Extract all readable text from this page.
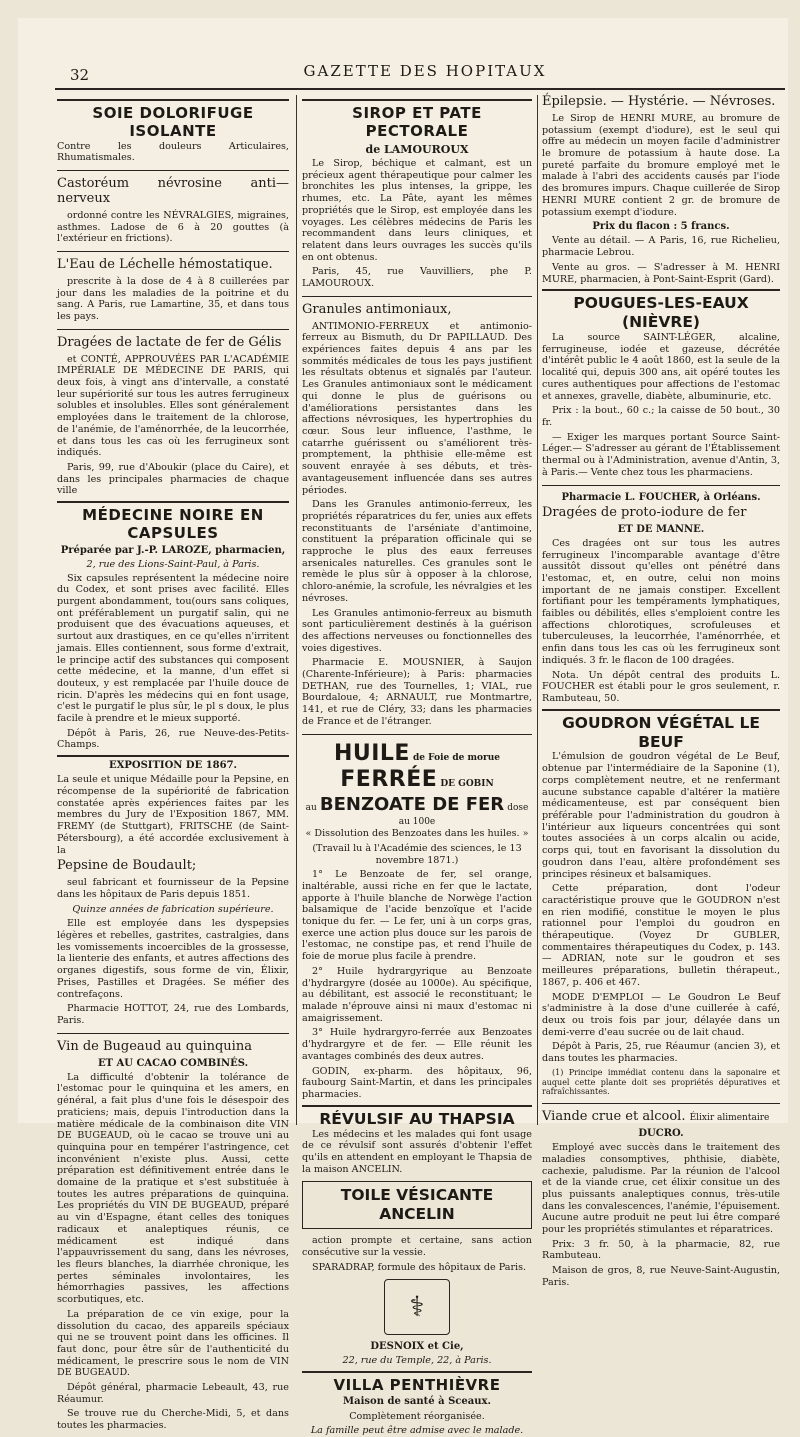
32	GAZETTE DES HOPITAUX
SOIE DOLORIFUGE ISOLANTE

Contre les douleurs Articulaires, Rhumatismales.

Castoréum névrosine anti—nerveux

ordonné contre les NÉVRALGIES, migraines, asthmes. Ladose de 6 à 20 gouttes (à l'extérieur en frictions).

L'Eau de Léchelle hémostatique.

prescrite à la dose de 4 à 8 cuillerées par jour dans les maladies de la poitrine et du sang. A Paris, rue Lamartine, 35, et dans tous les pays.

Dragées de lactate de fer de Gélis

et CONTÉ, APPROUVÉES PAR L'ACADÉMIE IMPÉRIALE DE MÉDECINE DE PARIS, qui deux fois, à vingt ans d'intervalle, a constaté leur supériorité sur tous les autres ferrugineux solubles et insolubles. Elles sont généralement employées dans le traitement de la chlorose, de l'anémie, de l'aménorrhée, de la leucorrhée, et dans tous les cas où les ferrugineux sont indiqués.

Paris, 99, rue d'Aboukir (place du Caire), et dans les principales pharmacies de chaque ville

MÉDECINE NOIRE EN CAPSULES
Préparée par J.-P. LAROZE, pharmacien,
2, rue des Lions-Saint-Paul, à Paris.

Six capsules représentent la médecine noire du Codex, et sont prises avec facilité. Elles purgent abondamment, tou(ours sans coliques, ont préférablement un purgatif salin, qui ne produisent que des évacuations aqueuses, et surtout aux drastiques, en ce qu'elles n'irritent jamais. Elles contiennent, sous forme d'extrait, le principe actif des substances qui composent cette médecine, et la manne, d'un effet si douteux, y est remplacée par l'huile douce de ricin. D'après les médecins qui en font usage, c'est le purgatif le plus sûr, le pl s doux, le plus facile à prendre et le mieux supporté.

Dépôt à Paris, 26, rue Neuve-des-Petits-Champs.

EXPOSITION DE 1867.

La seule et unique Médaille pour la Pepsine, en récompense de la supériorité de fabrication constatée après expériences faites par les membres du Jury de l'Exposition 1867, MM. FREMY (de Stuttgart), FRITSCHE (de Saint-Pétersbourg), a été accordée exclusivement à la

Pepsine de Boudault;

seul fabricant et fournisseur de la Pepsine dans les hôpitaux de Paris depuis 1851.

Quinze années de fabrication supérieure.

Elle est employée dans les dyspepsies légères et rebelles, gastrites, castralgies, dans les vomissements incoercibles de la grossesse, la lienterie des enfants, et autres affections des organes digestifs, sous forme de vin, Élixir, Prises, Pastilles et Dragées. Se méfier des contrefaçons.

Pharmacie HOTTOT, 24, rue des Lombards, Paris.

Vin de Bugeaud au quinquina

ET AU CACAO COMBINÉS.

La difficulté d'obtenir la tolérance de l'estomac pour le quinquina et les amers, en général, a fait plus d'une fois le désespoir des praticiens; mais, depuis l'introduction dans la matière médicale de la combinaison dite VIN DE BUGEAUD, où le cacao se trouve uni au quinquina pour en tempérer l'astringence, cet inconvénient n'existe plus. Aussi, cette préparation est définitivement entrée dans le domaine de la pratique et s'est substituée à toutes les autres préparations de quinquina. Les propriétés du VIN DE BUGEAUD, préparé au vin d'Espagne, étant celles des toniques radicaux et analeptiques réunis, ce médicament est indiqué dans l'appauvrissement du sang, dans les névroses, les fleurs blanches, la diarrhée chronique, les pertes séminales involontaires, les hémorrhagies passives, les affections scorbutiques, etc.

La préparation de ce vin exige, pour la dissolution du cacao, des appareils spéciaux qui ne se trouvent point dans les officines. Il faut donc, pour être sûr de l'authenticité du médicament, le prescrire sous le nom de VIN DE BUGEAUD.

Dépôt général, pharmacie Lebeault, 43, rue Réaumur.

Se trouve rue du Cherche-Midi, 5, et dans toutes les pharmacies.

SIROP ET PATE PECTORALE
de LAMOUROUX

Le Sirop, béchique et calmant, est un précieux agent thérapeutique pour calmer les bronchites les plus intenses, la grippe, les rhumes, etc. La Pâte, ayant les mêmes propriétés que le Sirop, est employée dans les voyages. Les célèbres médecins de Paris les recommandent dans leurs cliniques, et relatent dans leurs ouvrages les succès qu'ils en ont obtenus.

Paris, 45, rue Vauvilliers, phe P. LAMOUROUX.

Granules antimoniaux,

ANTIMONIO-FERREUX et antimonio-ferreux au Bismuth, du Dr PAPILLAUD. Des expériences faites depuis 4 ans par les sommités médicales de tous les pays justifient les résultats obtenus et signalés par l'auteur. Les Granules antimoniaux sont le médicament qui donne le plus de guérisons ou d'améliorations persistantes dans les affections névrosiques, les hypertrophies du cœur. Sous leur influence, l'asthme, le catarrhe guérissent ou s'améliorent très-promptement, la phthisie elle-même est souvent enrayée à ses débuts, et très-avantageusement influencée dans ses autres périodes.

Dans les Granules antimonio-ferreux, les propriétés réparatrices du fer, unies aux effets reconstituants de l'arséniate d'antimoine, constituent la préparation officinale qui se rapproche le plus des eaux ferreuses arsenicales naturelles. Ces granules sont le remède le plus sûr à opposer à la chlorose, chloro-anémie, la scrofule, les névralgies et les névroses.

Les Granules antimonio-ferreux au bismuth sont particulièrement destinés à la guérison des affections nerveuses ou fonctionnelles des voies digestives.

Pharmacie E. MOUSNIER, à Saujon (Charente-Inférieure); à Paris: pharmacies DETHAN, rue des Tournelles, 1; VIAL, rue Bourdaloue, 4; ARNAULT, rue Montmartre, 141, et rue de Cléry, 33; dans les pharmacies de France et de l'étranger.

HUILE de Foie de morue FERRÉE DE GOBIN
au BENZOATE DE FER dose au 100e

« Dissolution des Benzoates dans les huiles. »

(Travail lu à l'Académie des sciences, le 13 novembre 1871.)

1° Le Benzoate de fer, sel orange, inaltérable, aussi riche en fer que le lactate, apporte à l'huile blanche de Norwège l'action balsamique de l'acide benzoïque et l'acide tonique du fer. — Le fer, uni à un corps gras, exerce une action plus douce sur les parois de l'estomac, ne constipe pas, et rend l'huile de foie de morue plus facile à prendre.

2° Huile hydrargyrique au Benzoate d'hydrargyre (dosée au 1000e). Au spécifique, au débilitant, est associé le reconstituant; le malade n'éprouve ainsi ni maux d'estomac ni amaigrissement.

3° Huile hydrargyro-ferrée aux Benzoates d'hydrargyre et de fer. — Elle réunit les avantages combinés des deux autres.

GODIN, ex-pharm. des hôpitaux, 96, faubourg Saint-Martin, et dans les principales pharmacies.

RÉVULSIF AU THAPSIA

Les médecins et les malades qui font usage de ce révulsif sont assurés d'obtenir l'effet qu'ils en attendent en employant le Thapsia de la maison ANCELIN.

TOILE VÉSICANTE ANCELIN

action prompte et certaine, sans action consécutive sur la vessie.

SPARADRAP, formule des hôpitaux de Paris.

⚕
DESNOIX et Cie,
22, rue du Temple, 22, à Paris.
VILLA PENTHIÈVRE
Maison de santé à Sceaux.

Complètement réorganisée.

La famille peut être admise avec le malade.

Épilepsie. — Hystérie. — Névroses.

Le Sirop de HENRI MURE, au bromure de potassium (exempt d'iodure), est le seul qui offre au médecin un moyen facile d'administrer le bromure de potassium à haute dose. La pureté parfaite du bromure employé met le malade à l'abri des accidents causés par l'iode des bromures impurs. Chaque cuillerée de Sirop HENRI MURE contient 2 gr. de bromure de potassium exempt d'iodure.

Prix du flacon : 5 francs.

Vente au détail. — A Paris, 16, rue Richelieu, pharmacie Lebrou.

Vente au gros. — S'adresser à M. HENRI MURE, pharmacien, à Pont-Saint-Esprit (Gard).

POUGUES-LES-EAUX (NIÈVRE)

La source SAINT-LÉGER, alcaline, ferrugineuse, iodée et gazeuse, décrétée d'intérêt public le 4 août 1860, est la seule de la localité qui, depuis 300 ans, ait opéré toutes les cures authentiques pour affections de l'estomac et annexes, gravelle, diabète, albuminurie, etc.

Prix : la bout., 60 c.; la caisse de 50 bout., 30 fr.

— Exiger les marques portant Source Saint-Léger.— S'adresser au gérant de l'Établissement thermal ou à l'Administration, avenue d'Antin, 3, à Paris.— Vente chez tous les pharmaciens.

Pharmacie L. FOUCHER, à Orléans.

Dragées de proto-iodure de fer

ET DE MANNE.

Ces dragées ont sur tous les autres ferrugineux l'incomparable avantage d'être aussitôt dissout qu'elles ont pénétré dans l'estomac, et, en outre, celui non moins important de ne jamais constiper. Excellent fortifiant pour les tempéraments lymphatiques, faibles ou débilités, elles s'emploient contre les affections chlorotiques, scrofuleuses et tuberculeuses, la leucorrhée, l'aménorrhée, et enfin dans tous les cas où les ferrugineux sont indiqués. 3 fr. le flacon de 100 dragées.

Nota. Un dépôt central des produits L. FOUCHER est établi pour le gros seulement, r. Rambuteau, 50.

GOUDRON VÉGÉTAL LE BEUF

L'émulsion de goudron végétal de Le Beuf, obtenue par l'intermédiaire de la Saponine (1), corps complètement neutre, et ne renfermant aucune substance capable d'altérer la matière médicamenteuse, est par conséquent bien préférable pour l'administration du goudron à l'intérieur aux liqueurs concentrées qui sont toutes associées à un corps alcalin ou acide, corps qui, tout en favorisant la dissolution du goudron dans l'eau, altère profondément ses principes résineux et balsamiques.

Cette préparation, dont l'odeur caractéristique prouve que le GOUDRON n'est en rien modifié, constitue le moyen le plus rationnel pour l'emploi du goudron en thérapeutique. (Voyez Dr GUBLER, commentaires thérapeutiques du Codex, p. 143.— ADRIAN, note sur le goudron et ses meilleures préparations, bulletin thérapeut., 1867, p. 406 et 467.

MODE D'EMPLOI — Le Goudron Le Beuf s'administre à la dose d'une cuillerée à café, deux ou trois fois par jour, délayée dans un demi-verre d'eau sucrée ou de lait chaud.

Dépôt à Paris, 25, rue Réaumur (ancien 3), et dans toutes les pharmacies.

(1) Principe immédiat contenu dans la saponaire et auquel cette plante doit ses propriétés dépuratives et rafraîchissantes.

Viande crue et alcool. Élixir alimentaire

DUCRO.

Employé avec succès dans le traitement des maladies consomptives, phthisie, diabète, cachexie, paludisme. Par la réunion de l'alcool et de la viande crue, cet élixir consitue un des plus puissants analeptiques connus, très-utile dans les convalescences, l'anémie, l'épuisement. Aucune autre produit ne peut lui être comparé pour les propriétés stimulantes et réparatrices.

Prix: 3 fr. 50, à la pharmacie, 82, rue Rambuteau.

Maison de gros, 8, rue Neuve-Saint-Augustin, Paris.
